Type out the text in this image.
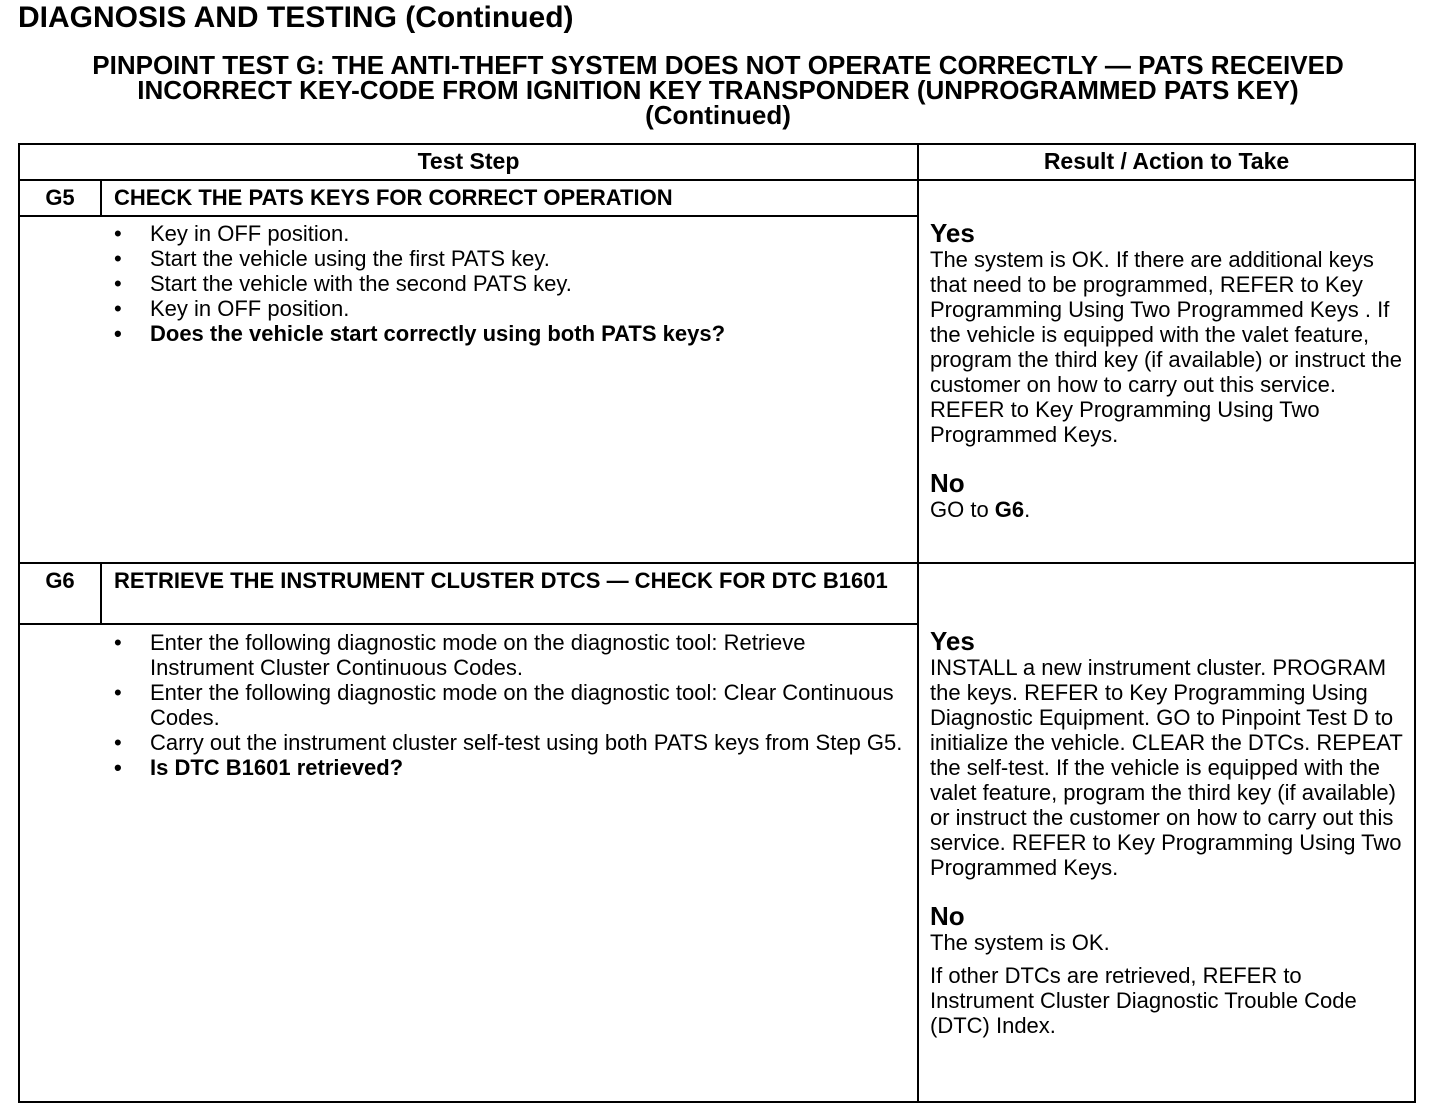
DIAGNOSIS AND TESTING (Continued)
PINPOINT TEST G: THE ANTI-THEFT SYSTEM DOES NOT OPERATE CORRECTLY — PATS RECEIVED
INCORRECT KEY-CODE FROM IGNITION KEY TRANSPONDER (UNPROGRAMMED PATS KEY)
(Continued)
Test Step	Result / Action to Take
G5	CHECK THE PATS KEYS FOR CORRECT OPERATION
• Key in OFF position.
• Start the vehicle using the first PATS key.
• Start the vehicle with the second PATS key.
• Key in OFF position.
• Does the vehicle start correctly using both PATS keys?
Yes
The system is OK. If there are additional keys that need to be programmed, REFER to Key Programming Using Two Programmed Keys . If the vehicle is equipped with the valet feature, program the third key (if available) or instruct the customer on how to carry out this service. REFER to Key Programming Using Two Programmed Keys.
No
GO to G6.
G6	RETRIEVE THE INSTRUMENT CLUSTER DTCS — CHECK FOR DTC B1601
• Enter the following diagnostic mode on the diagnostic tool: Retrieve Instrument Cluster Continuous Codes.
• Enter the following diagnostic mode on the diagnostic tool: Clear Continuous Codes.
• Carry out the instrument cluster self-test using both PATS keys from Step G5.
• Is DTC B1601 retrieved?
Yes
INSTALL a new instrument cluster. PROGRAM the keys. REFER to Key Programming Using Diagnostic Equipment. GO to Pinpoint Test D to initialize the vehicle. CLEAR the DTCs. REPEAT the self-test. If the vehicle is equipped with the valet feature, program the third key (if available) or instruct the customer on how to carry out this service. REFER to Key Programming Using Two Programmed Keys.
No
The system is OK.
If other DTCs are retrieved, REFER to Instrument Cluster Diagnostic Trouble Code (DTC) Index.
